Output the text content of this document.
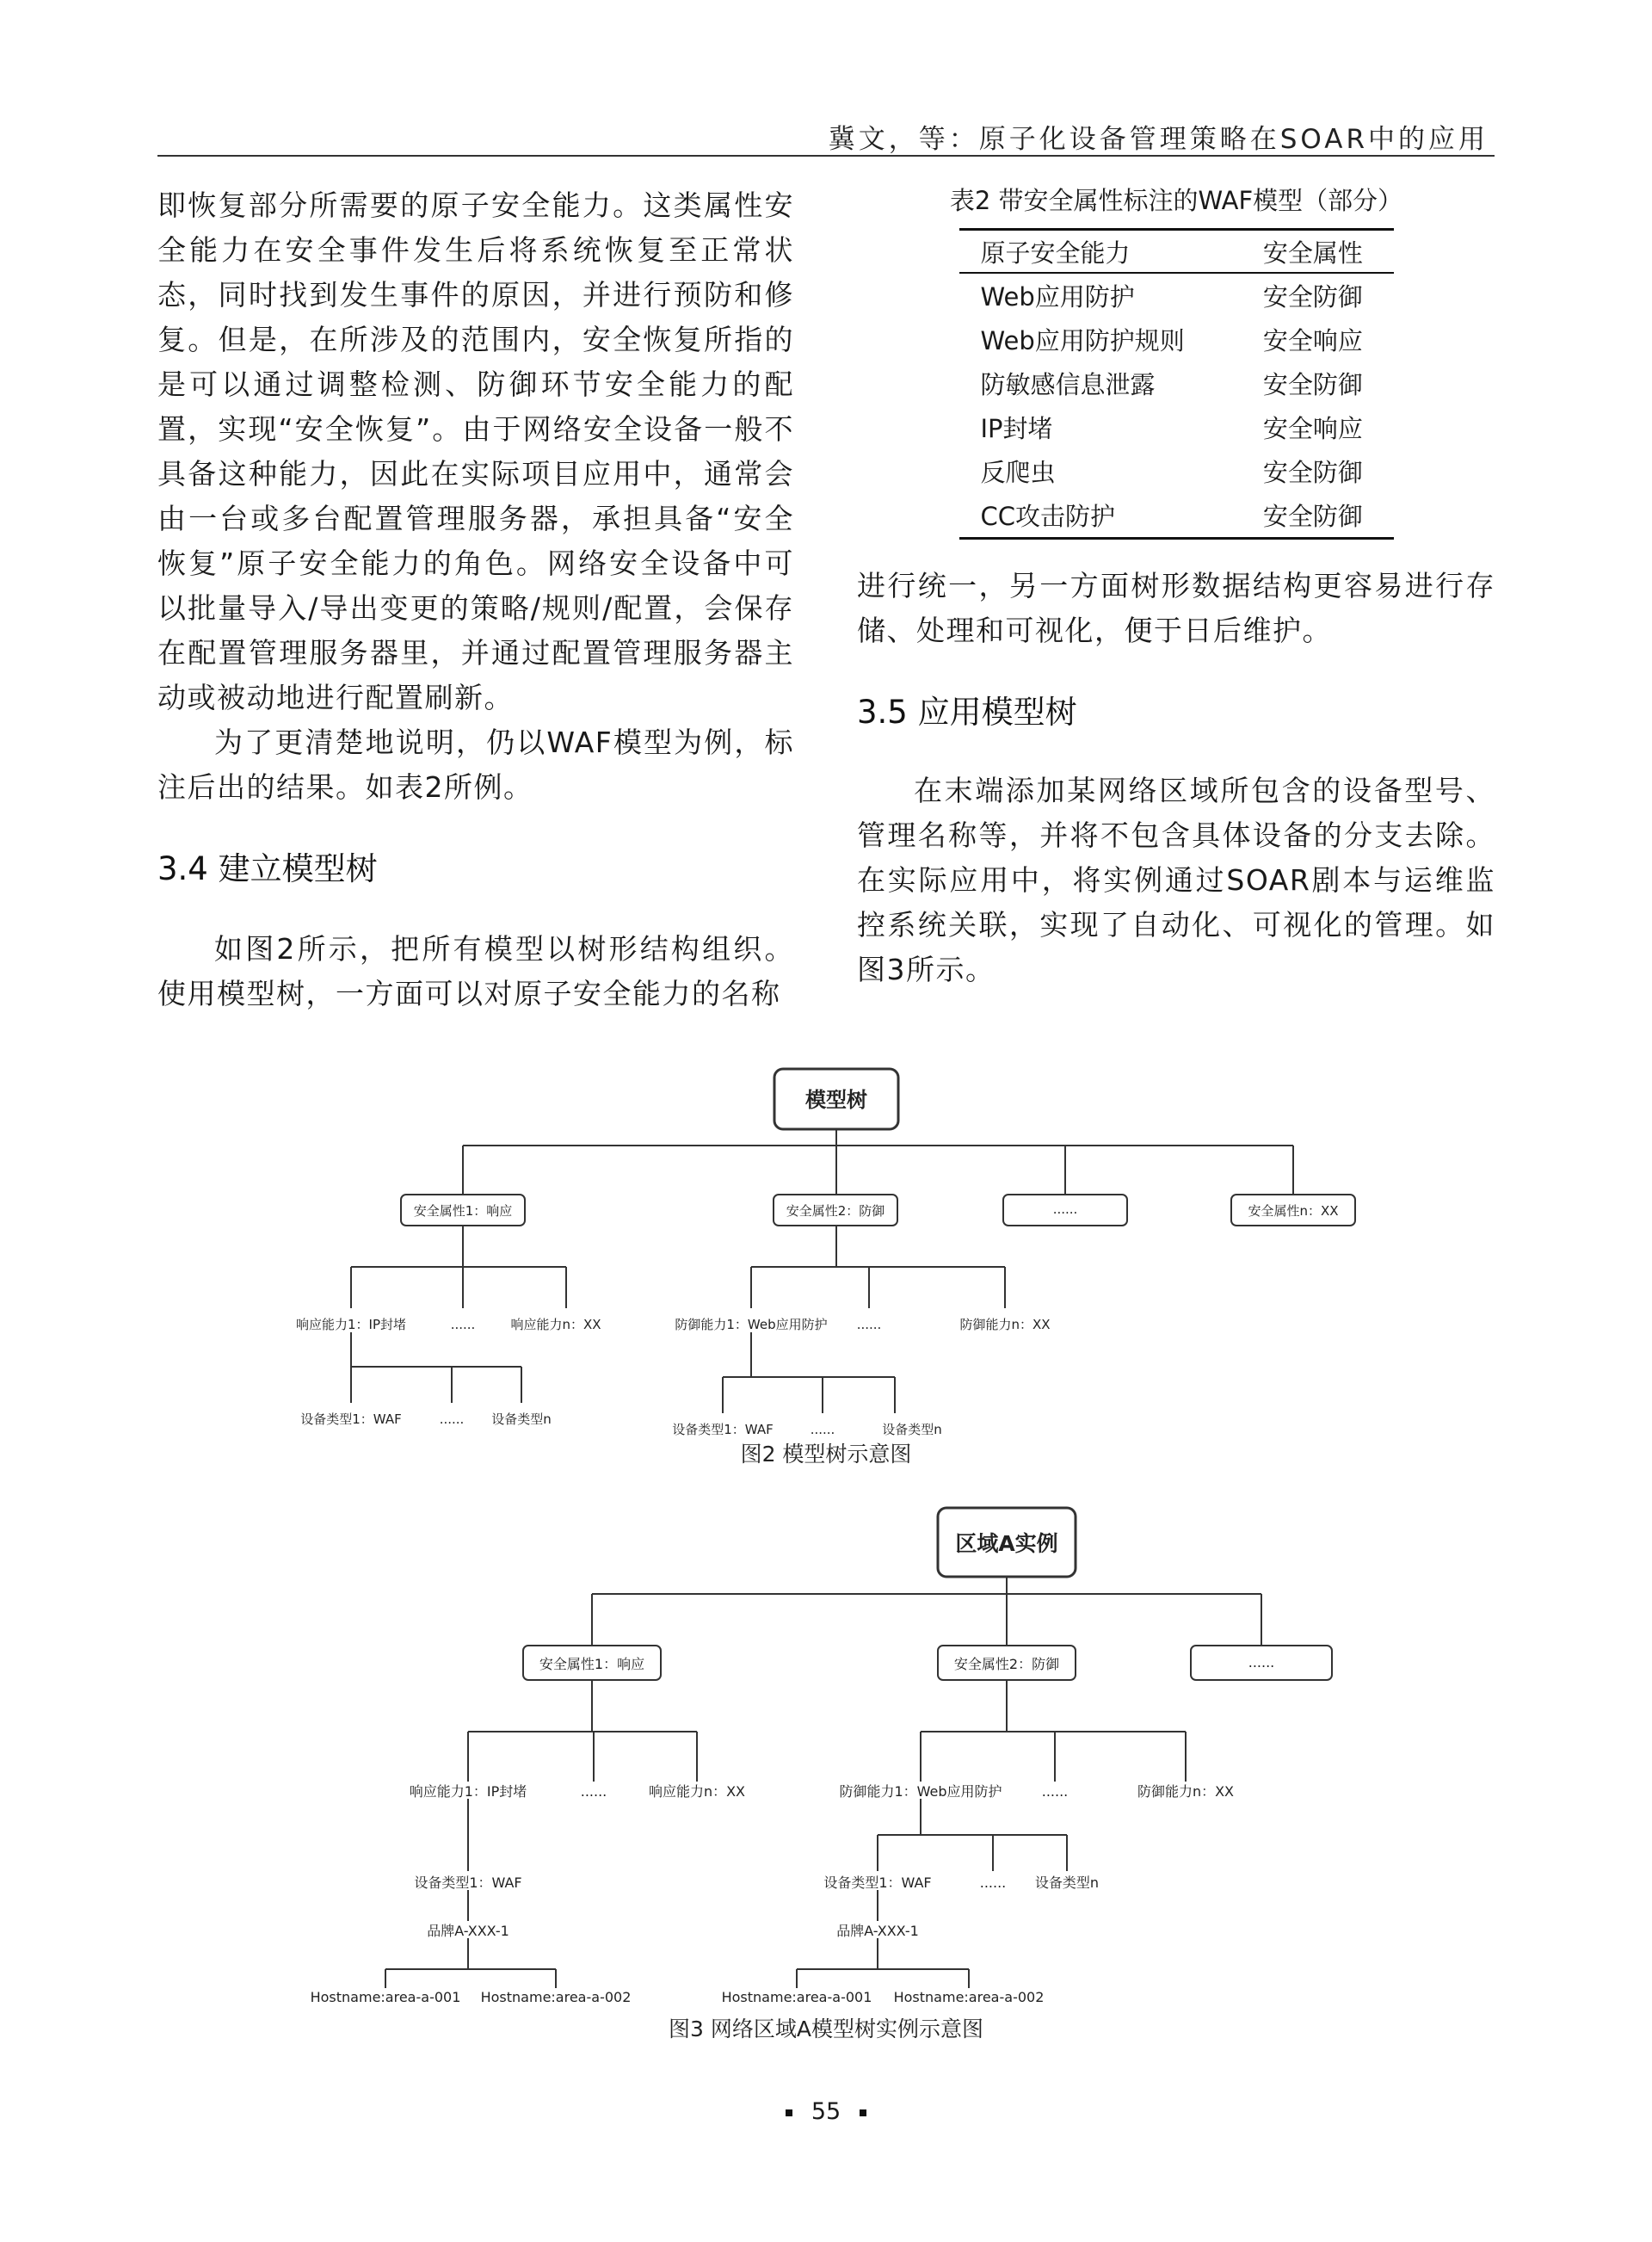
冀文，等：原子化设备管理策略在SOAR中的应用

即恢复部分所需要的原子安全能力。这类属性安全能力在安全事件发生后将系统恢复至正常状态，同时找到发生事件的原因，并进行预防和修复。但是，在所涉及的范围内，安全恢复所指的是可以通过调整检测、防御环节安全能力的配置，实现“安全恢复”。由于网络安全设备一般不具备这种能力，因此在实际项目应用中，通常会由一台或多台配置管理服务器，承担具备“安全恢复”原子安全能力的角色。网络安全设备中可以批量导入/导出变更的策略/规则/配置，会保存在配置管理服务器里，并通过配置管理服务器主动或被动地进行配置刷新。

为了更清楚地说明，仍以WAF模型为例，标注后出的结果。如表2所例。

3.4 建立模型树

如图2所示，把所有模型以树形结构组织。使用模型树，一方面可以对原子安全能力的名称

表2 带安全属性标注的WAF模型（部分）
原子安全能力	安全属性
Web应用防护	安全防御
Web应用防护规则	安全响应
防敏感信息泄露	安全防御
IP封堵	安全响应
反爬虫	安全防御
CC攻击防护	安全防御

进行统一，另一方面树形数据结构更容易进行存储、处理和可视化，便于日后维护。

3.5 应用模型树

在末端添加某网络区域所包含的设备型号、管理名称等，并将不包含具体设备的分支去除。在实际应用中，将实例通过SOAR剧本与运维监控系统关联，实现了自动化、可视化的管理。如图3所示。

模型树
安全属性1：响应	安全属性2：防御	......	安全属性n：XX
响应能力1：IP封堵	......	响应能力n：XX	防御能力1：Web应用防护 ......	防御能力n：XX
设备类型1：WAF	...... 设备类型n
设备类型1：WAF	......	设备类型n
图2 模型树示意图
区域A实例
安全属性1：响应	安全属性2：防御	......
响应能力1：IP封堵	......	响应能力n：XX	防御能力1：Web应用防护	......	防御能力n：XX
设备类型1：WAF	设备类型1：WAF	...... 设备类型n
品牌A-XXX-1	品牌A-XXX-1
Hostname:area-a-001 Hostname:area-a-002	Hostname:area-a-001 Hostname:area-a-002
图3 网络区域A模型树实例示意图
55
